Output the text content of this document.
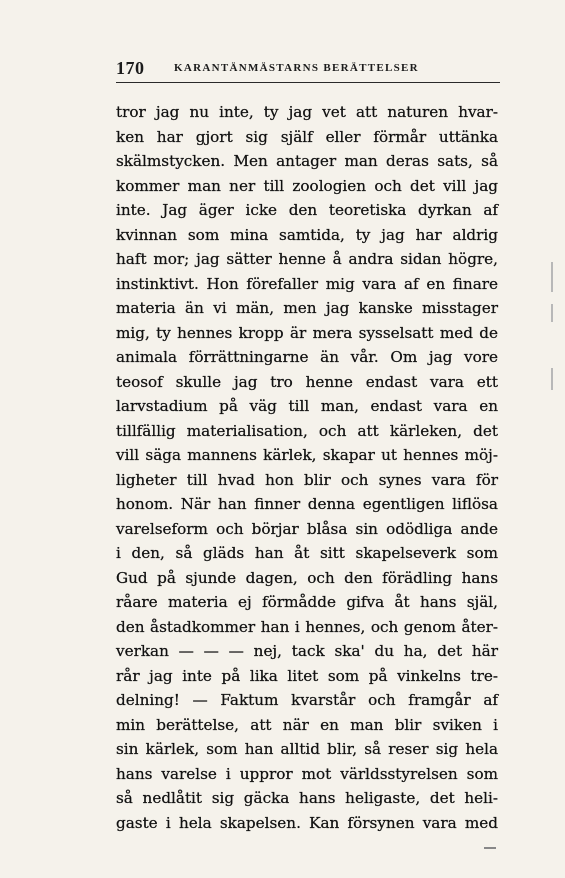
170	KARANTÄNMÄSTARNS BERÄTTELSER
tror jag nu inte, ty jag vet att naturen hvar-
ken har gjort sig själf eller förmår uttänka
skälmstycken. Men antager man deras sats, så
kommer man ner till zoologien och det vill jag
inte. Jag äger icke den teoretiska dyrkan af
kvinnan som mina samtida, ty jag har aldrig
haft mor; jag sätter henne å andra sidan högre,
instinktivt. Hon förefaller mig vara af en finare
materia än vi män, men jag kanske misstager
mig, ty hennes kropp är mera sysselsatt med de
animala förrättningarne än vår. Om jag vore
teosof skulle jag tro henne endast vara ett
larvstadium på väg till man, endast vara en
tillfällig materialisation, och att kärleken, det
vill säga mannens kärlek, skapar ut hennes möj-
ligheter till hvad hon blir och synes vara för
honom. När han finner denna egentligen liflösa
varelseform och börjar blåsa sin odödliga ande
i den, så gläds han åt sitt skapelseverk som
Gud på sjunde dagen, och den förädling hans
råare materia ej förmådde gifva åt hans själ,
den åstadkommer han i hennes, och genom åter-
verkan — — — nej, tack ska' du ha, det här
rår jag inte på lika litet som på vinkelns tre-
delning! — Faktum kvarstår och framgår af
min berättelse, att när en man blir sviken i
sin kärlek, som han alltid blir, så reser sig hela
hans varelse i uppror mot världsstyrelsen som
så nedlåtit sig gäcka hans heligaste, det heli-
gaste i hela skapelsen. Kan försynen vara med
